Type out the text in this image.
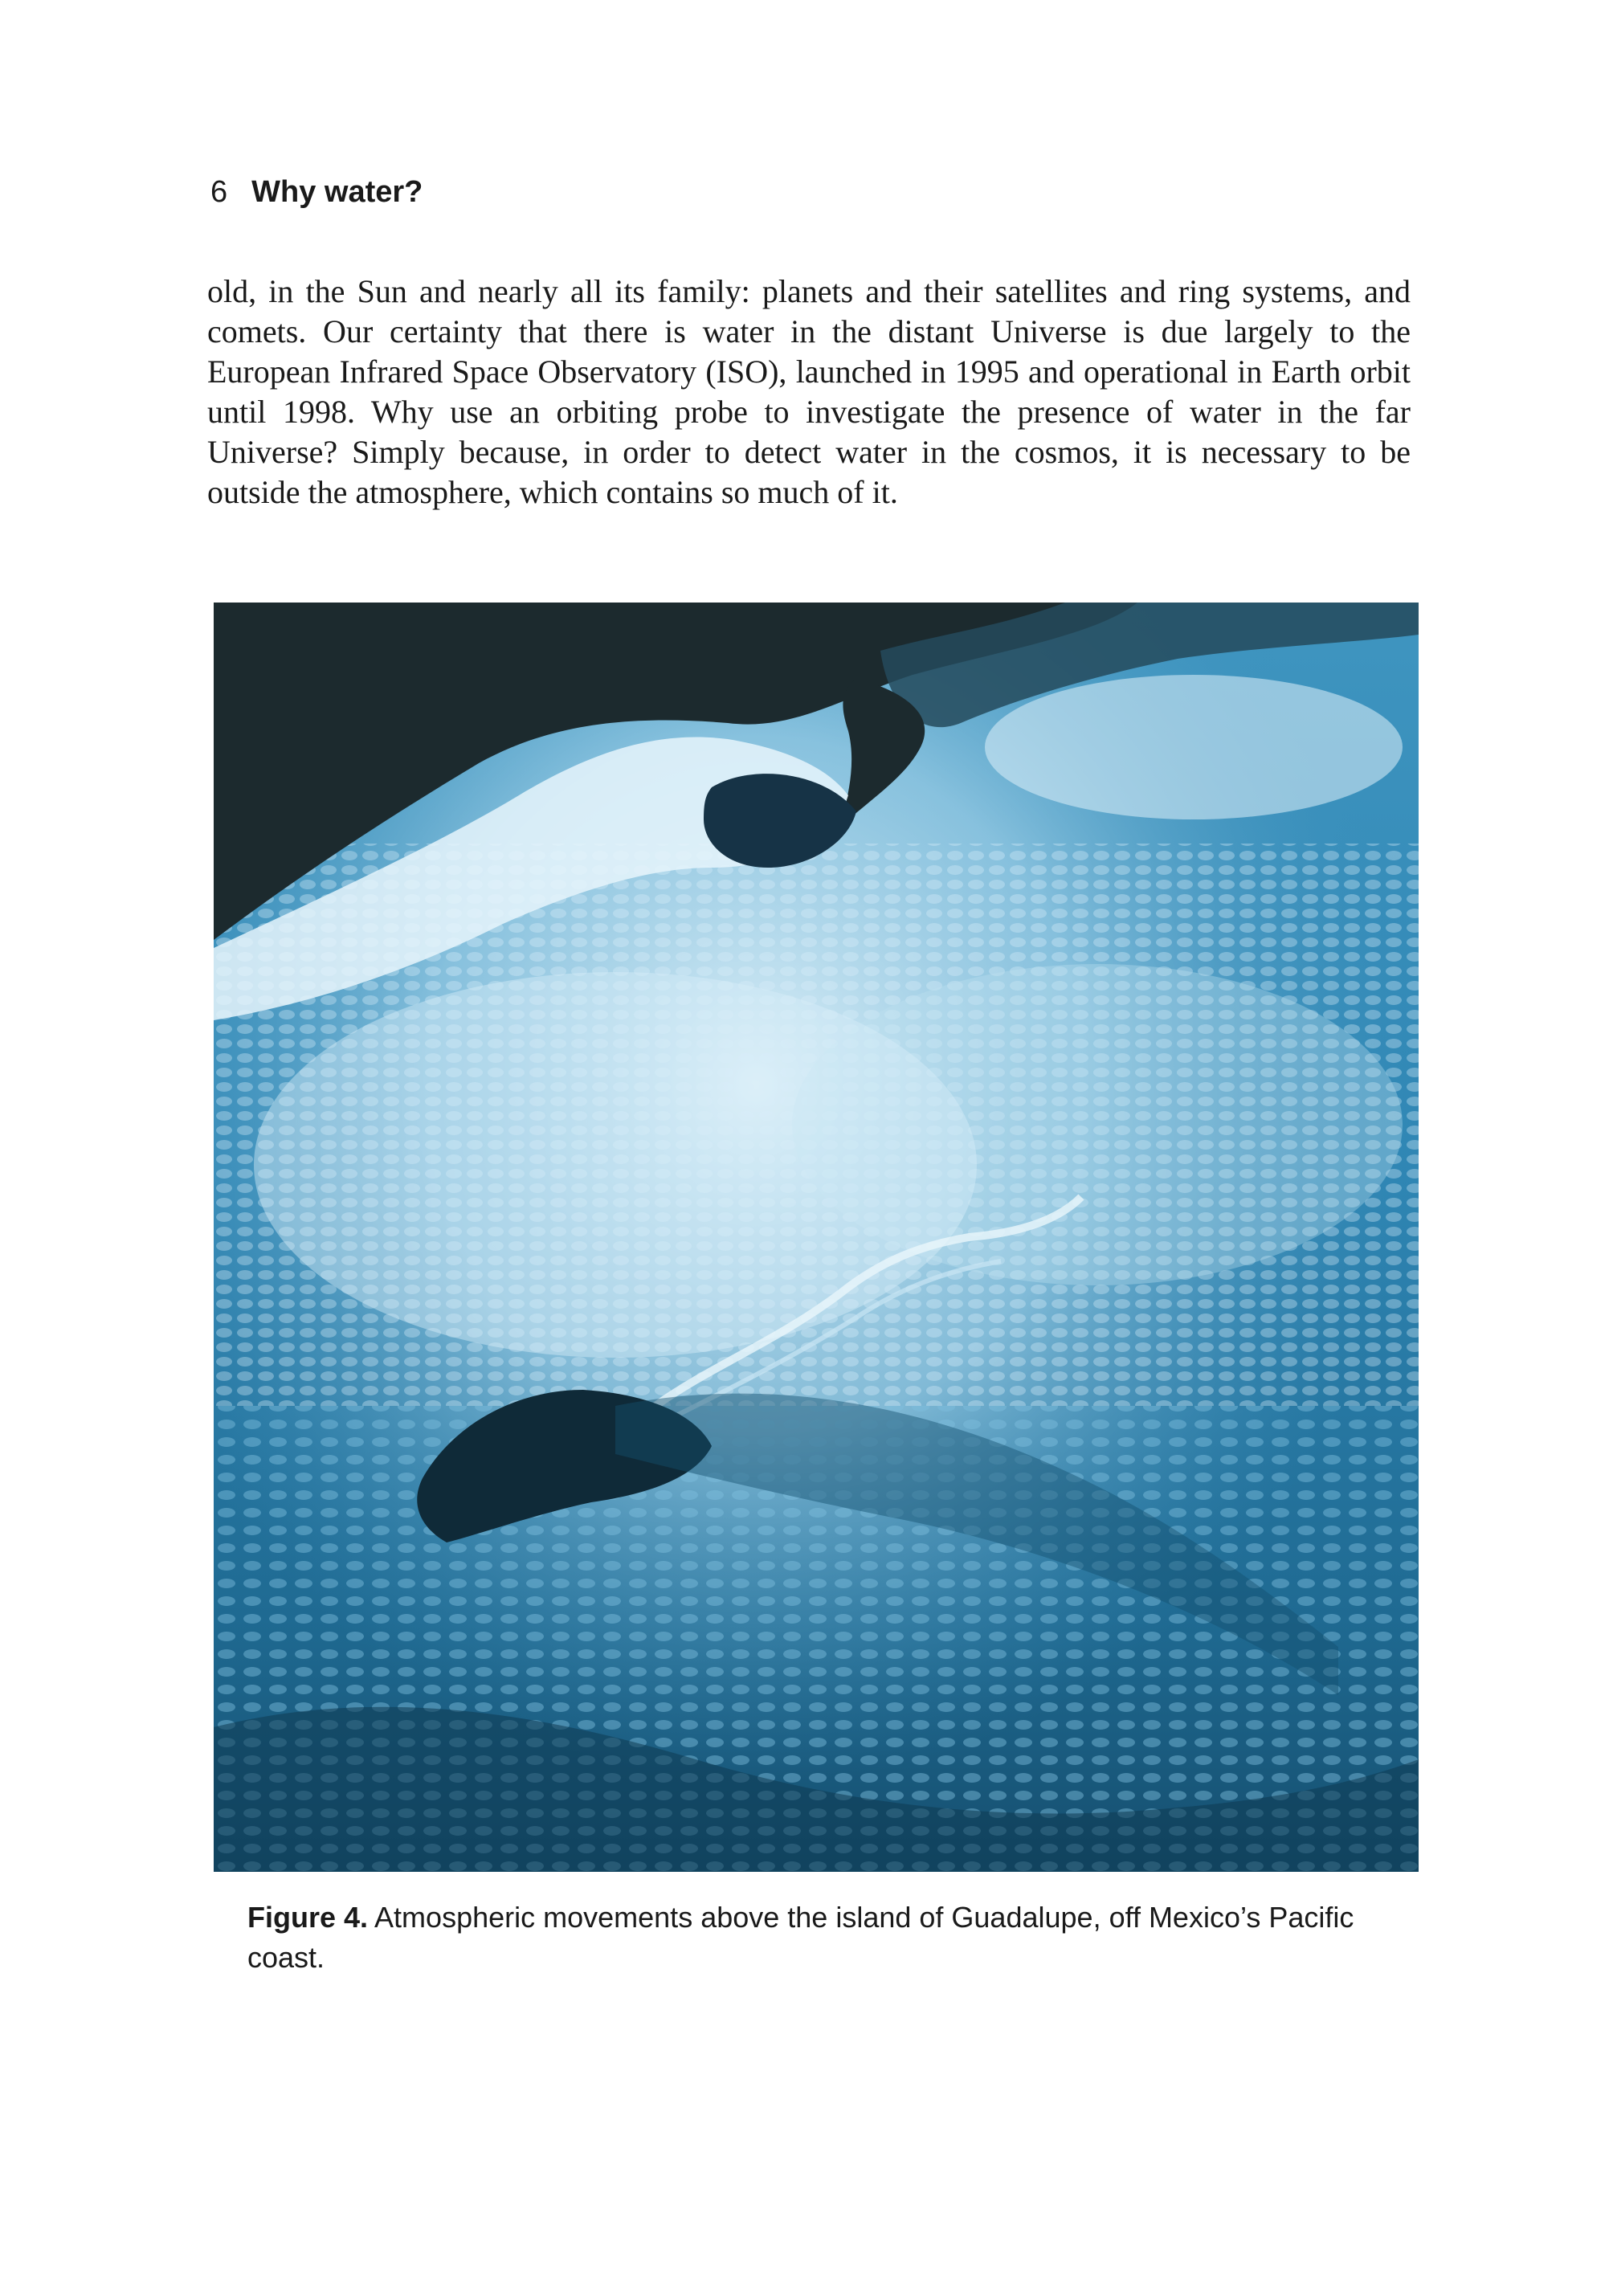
6 Why water?

old, in the Sun and nearly all its family: planets and their satellites and ring systems, and comets. Our certainty that there is water in the distant Universe is due largely to the European Infrared Space Observatory (ISO), launched in 1995 and operational in Earth orbit until 1998. Why use an orbiting probe to investigate the presence of water in the far Universe? Simply because, in order to detect water in the cosmos, it is necessary to be outside the atmosphere, which contains so much of it.

Figure 4. Atmospheric movements above the island of Guadalupe, off Mexico’s Pacific coast.
